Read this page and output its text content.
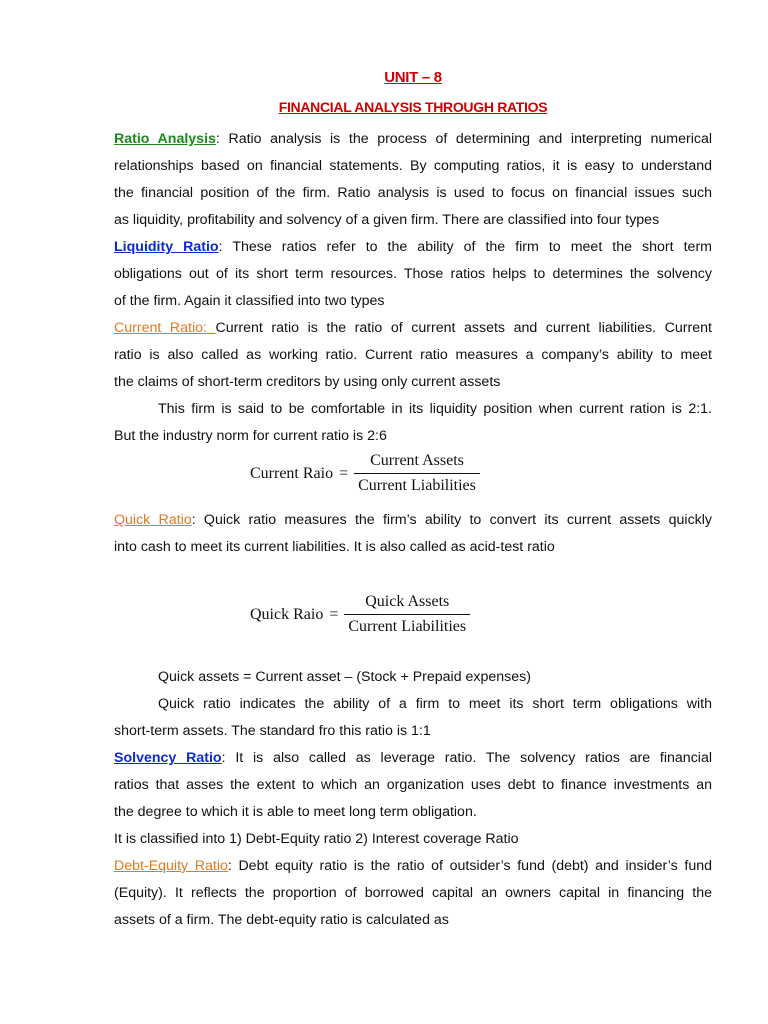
UNIT – 8
FINANCIAL ANALYSIS THROUGH RATIOS
Ratio Analysis: Ratio analysis is the process of determining and interpreting numerical
relationships based on financial statements. By computing ratios, it is easy to understand
the financial position of the firm. Ratio analysis is used to focus on financial issues such
as liquidity, profitability and solvency of a given firm. There are classified into four types
Liquidity Ratio: These ratios refer to the ability of the firm to meet the short term
obligations out of its short term resources. Those ratios helps to determines the solvency
of the firm. Again it classified into two types
Current Ratio: Current ratio is the ratio of current assets and current liabilities. Current
ratio is also called as working ratio. Current ratio measures a company’s ability to meet
the claims of short-term creditors by using only current assets
This firm is said to be comfortable in its liquidity position when current ration is 2:1.
But the industry norm for current ratio is 2:6
Current Raio = $\frac{\text{Current Assets}}{\text{Current Liabilities}}$
Quick Ratio: Quick ratio measures the firm’s ability to convert its current assets quickly
into cash to meet its current liabilities. It is also called as acid-test ratio
Quick Raio = $\frac{\text{Quick Assets}}{\text{Current Liabilities}}$
Quick assets = Current asset – (Stock + Prepaid expenses)
Quick ratio indicates the ability of a firm to meet its short term obligations with
short-term assets. The standard fro this ratio is 1:1
Solvency Ratio: It is also called as leverage ratio. The solvency ratios are financial
ratios that asses the extent to which an organization uses debt to finance investments an
the degree to which it is able to meet long term obligation.
It is classified into 1) Debt-Equity ratio 2) Interest coverage Ratio
Debt-Equity Ratio: Debt equity ratio is the ratio of outsider’s fund (debt) and insider’s fund
(Equity). It reflects the proportion of borrowed capital an owners capital in financing the
assets of a firm. The debt-equity ratio is calculated as
